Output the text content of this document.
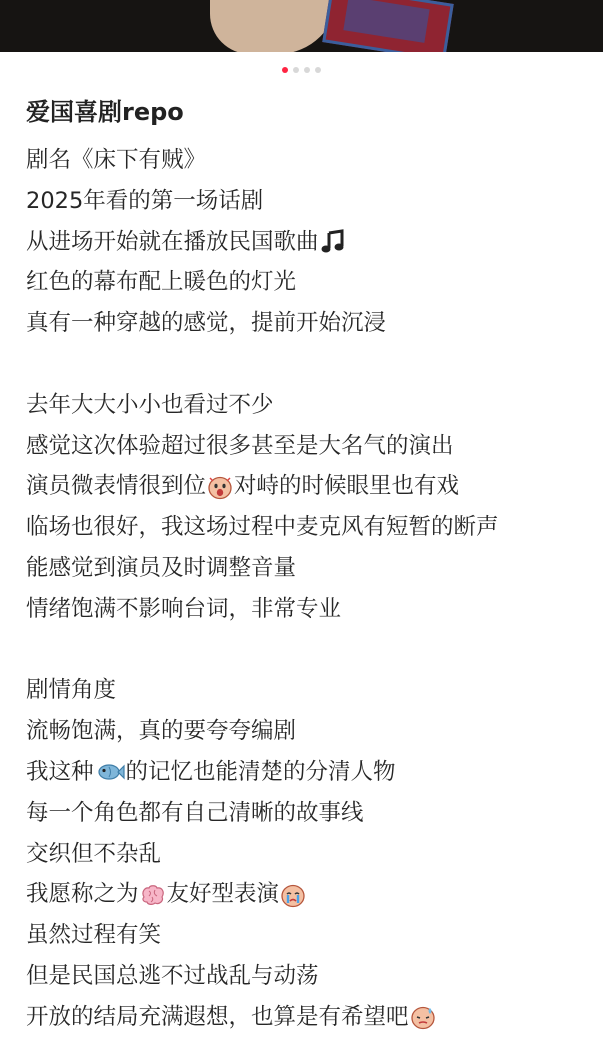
爱国喜剧repo
剧名《床下有贼》
2025年看的第一场话剧
从进场开始就在播放民国歌曲
红色的幕布配上暖色的灯光
真有一种穿越的感觉，提前开始沉浸
去年大大小小也看过不少
感觉这次体验超过很多甚至是大名气的演出
演员微表情很到位 对峙的时候眼里也有戏
临场也很好，我这场过程中麦克风有短暂的断声
能感觉到演员及时调整音量
情绪饱满不影响台词，非常专业
剧情角度
流畅饱满，真的要夸夸编剧
我这种 的记忆也能清楚的分清人物
每一个角色都有自己清晰的故事线
交织但不杂乱
我愿称之为 友好型表演
虽然过程有笑
但是民国总逃不过战乱与动荡
开放的结局充满遐想，也算是有希望吧
